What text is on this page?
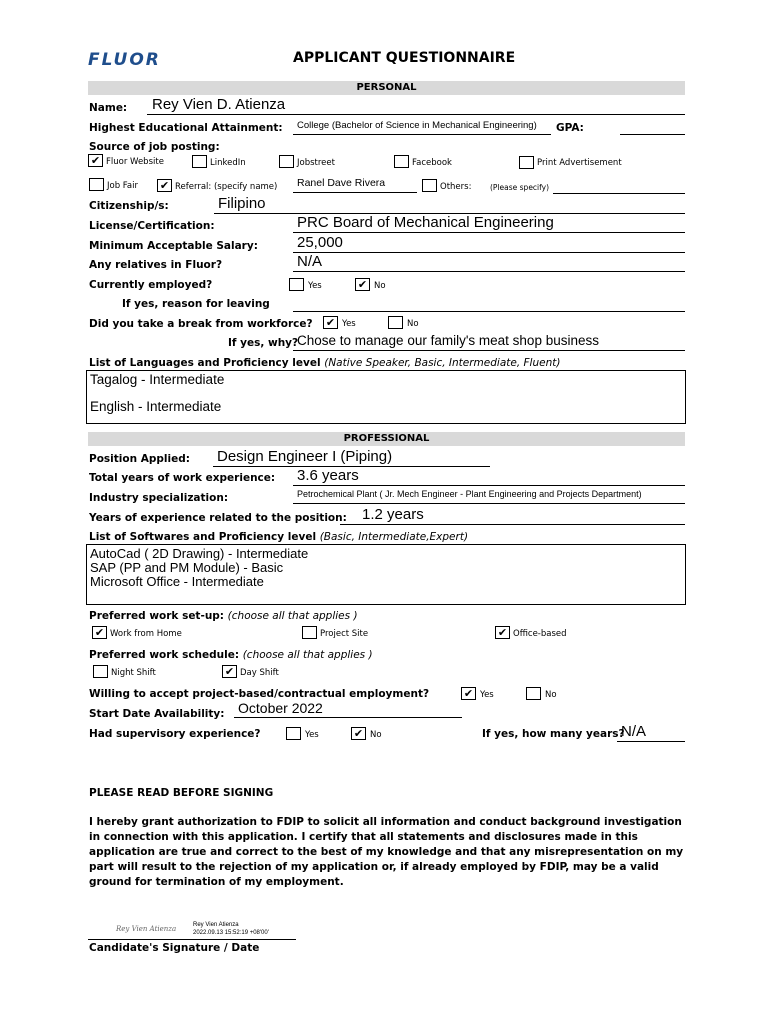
FLUOR	APPLICANT QUESTIONNAIRE
PERSONAL
Name: Rey Vien D. Atienza
Highest Educational Attainment: College (Bachelor of Science in Mechanical Engineering) GPA:
Source of job posting:
✔ Fluor Website	LinkedIn	Jobstreet	Facebook	Print Advertisement
Job Fair ✔ Referral: (specify name) Ranel Dave Rivera	Others: (Please specify)
Citizenship/s:	Filipino
License/Certification:	PRC Board of Mechanical Engineering
Minimum Acceptable Salary:	25,000
Any relatives in Fluor?	N/A
Currently employed?	Yes	✔ No
If yes, reason for leaving
Did you take a break from workforce? ✔ Yes	No
If yes, why?
Chose to manage our family's meat shop business
List of Languages and Proficiency level (Native Speaker, Basic, Intermediate, Fluent)
Tagalog - Intermediate
English - Intermediate
PROFESSIONAL
Position Applied: Design Engineer I (Piping)
Total years of work experience: 3.6 years
Industry specialization:	Petrochemical Plant ( Jr. Mech Engineer - Plant Engineering and Projects Department)
Years of experience related to the position: 1.2 years
List of Softwares and Proficiency level (Basic, Intermediate,Expert)
AutoCad ( 2D Drawing) - Intermediate
SAP (PP and PM Module) - Basic
Microsoft Office - Intermediate
Preferred work set-up: (choose all that applies )
✔ Work from Home	Project Site	✔ Office-based
Preferred work schedule: (choose all that applies )
Night Shift	✔ Day Shift
Willing to accept project-based/contractual employment?	✔ Yes	No
Start Date Availability: October 2022
Had supervisory experience?	Yes	✔ No	If yes, how many years?
N/A
PLEASE READ BEFORE SIGNING
I hereby grant authorization to FDIP to solicit all information and conduct background investigation in connection with this application. I certify that all statements and disclosures made in this application are true and correct to the best of my knowledge and that any misrepresentation on my part will result to the rejection of my application or, if already employed by FDIP, may be a valid ground for termination of my employment.
Rey Vien Atienza	Rey Vien Atienza
2022.09.13 15:52:19 +08'00'
Candidate's Signature / Date
